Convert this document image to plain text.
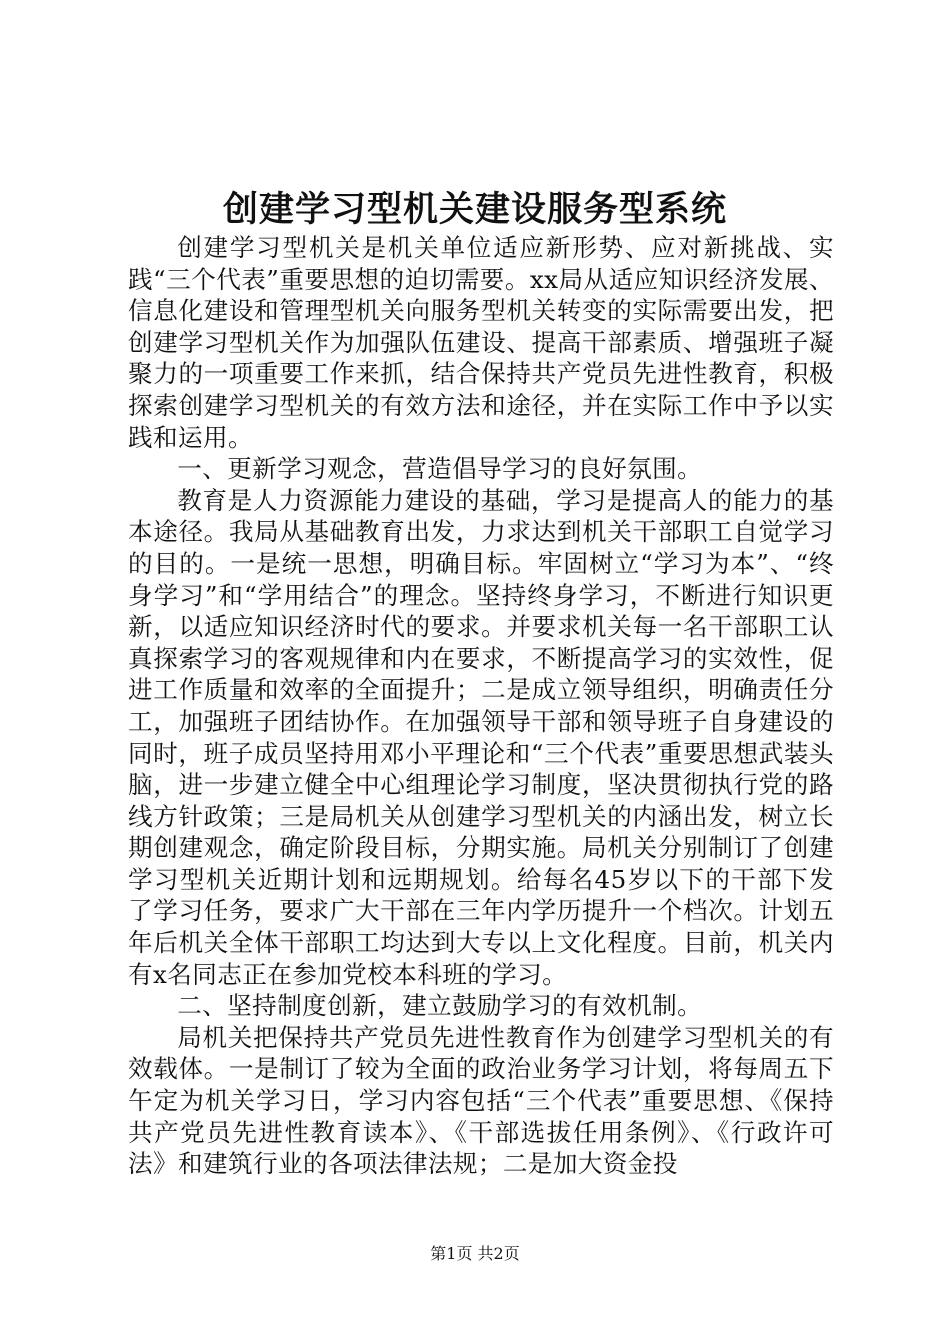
创建学习型机关建设服务型系统

创建学习型机关是机关单位适应新形势、应对新挑战、实践“三个代表”重要思想的迫切需要。xx局从适应知识经济发展、信息化建设和管理型机关向服务型机关转变的实际需要出发，把创建学习型机关作为加强队伍建设、提高干部素质、增强班子凝聚力的一项重要工作来抓，结合保持共产党员先进性教育，积极探索创建学习型机关的有效方法和途径，并在实际工作中予以实践和运用。

一、更新学习观念，营造倡导学习的良好氛围。

教育是人力资源能力建设的基础，学习是提高人的能力的基本途径。我局从基础教育出发，力求达到机关干部职工自觉学习的目的。一是统一思想，明确目标。牢固树立“学习为本”、“终身学习”和“学用结合”的理念。坚持终身学习，不断进行知识更新，以适应知识经济时代的要求。并要求机关每一名干部职工认真探索学习的客观规律和内在要求，不断提高学习的实效性，促进工作质量和效率的全面提升；二是成立领导组织，明确责任分工，加强班子团结协作。在加强领导干部和领导班子自身建设的同时，班子成员坚持用邓小平理论和“三个代表”重要思想武装头脑，进一步建立健全中心组理论学习制度，坚决贯彻执行党的路线方针政策；三是局机关从创建学习型机关的内涵出发，树立长期创建观念，确定阶段目标，分期实施。局机关分别制订了创建学习型机关近期计划和远期规划。给每名45岁以下的干部下发了学习任务，要求广大干部在三年内学历提升一个档次。计划五年后机关全体干部职工均达到大专以上文化程度。目前，机关内有x名同志正在参加党校本科班的学习。

二、坚持制度创新，建立鼓励学习的有效机制。

局机关把保持共产党员先进性教育作为创建学习型机关的有效载体。一是制订了较为全面的政治业务学习计划，将每周五下午定为机关学习日，学习内容包括“三个代表”重要思想、《保持共产党员先进性教育读本》、《干部选拔任用条例》、《行政许可法》和建筑行业的各项法律法规；二是加大资金投

第1页 共2页
